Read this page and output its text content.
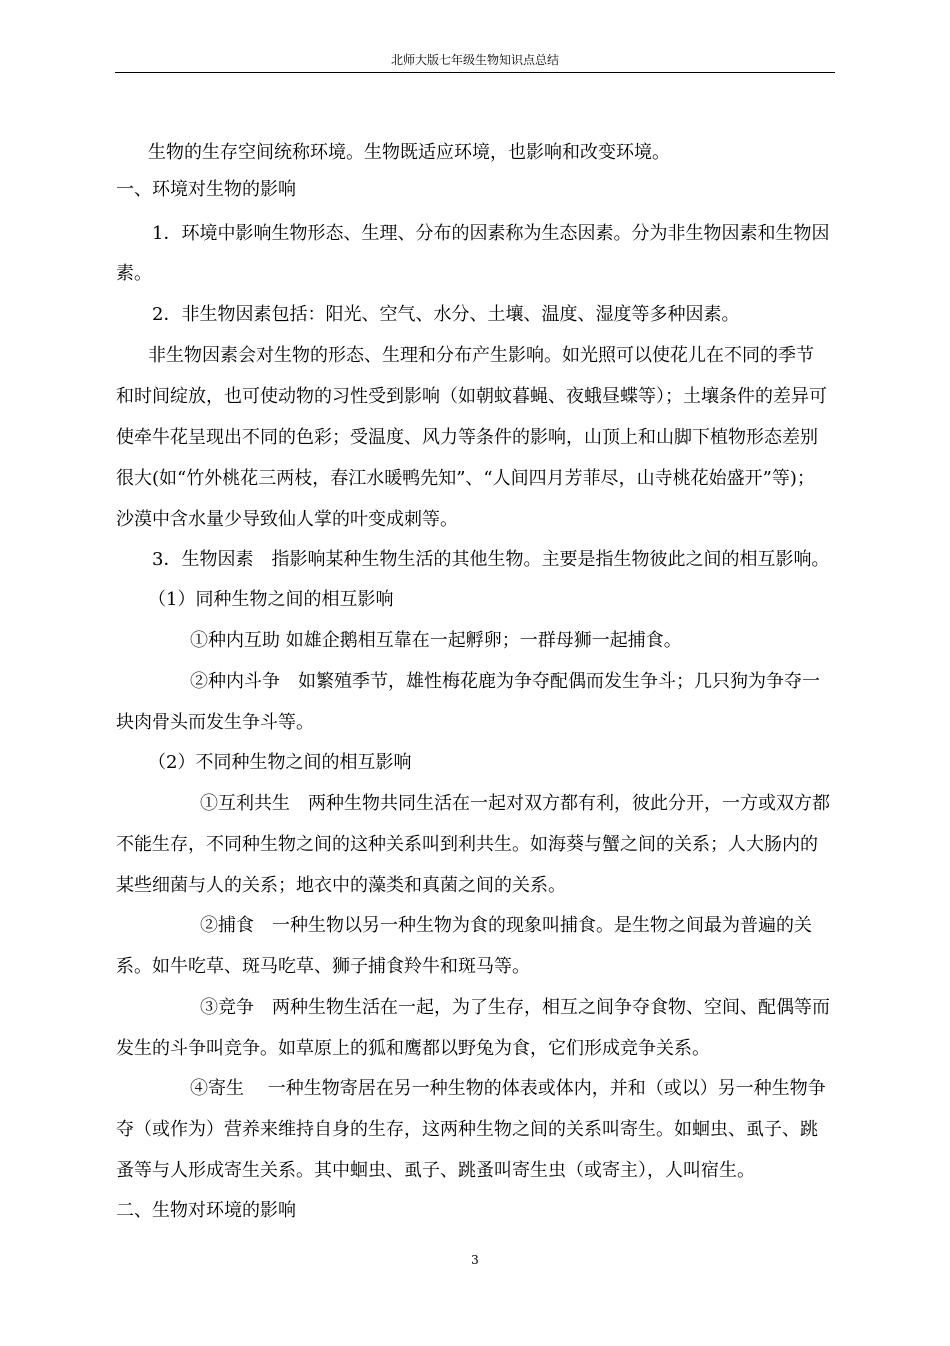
北师大版七年级生物知识点总结
生物的生存空间统称环境。生物既适应环境，也影响和改变环境。
一、环境对生物的影响
1．环境中影响生物形态、生理、分布的因素称为生态因素。分为非生物因素和生物因
素。
2．非生物因素包括：阳光、空气、水分、土壤、温度、湿度等多种因素。
非生物因素会对生物的形态、生理和分布产生影响。如光照可以使花儿在不同的季节
和时间绽放，也可使动物的习性受到影响（如朝蚊暮蝇、夜蛾昼蝶等）；土壤条件的差异可
使牵牛花呈现出不同的色彩；受温度、风力等条件的影响，山顶上和山脚下植物形态差别
很大(如“竹外桃花三两枝，春江水暖鸭先知”、“人间四月芳菲尽，山寺桃花始盛开”等)；
沙漠中含水量少导致仙人掌的叶变成刺等。
3．生物因素　指影响某种生物生活的其他生物。主要是指生物彼此之间的相互影响。
（1）同种生物之间的相互影响
①种内互助 如雄企鹅相互靠在一起孵卵；一群母狮一起捕食。
②种内斗争　如繁殖季节，雄性梅花鹿为争夺配偶而发生争斗；几只狗为争夺一
块肉骨头而发生争斗等。
（2）不同种生物之间的相互影响
①互利共生　两种生物共同生活在一起对双方都有利，彼此分开，一方或双方都
不能生存，不同种生物之间的这种关系叫到利共生。如海葵与蟹之间的关系；人大肠内的
某些细菌与人的关系；地衣中的藻类和真菌之间的关系。
②捕食　一种生物以另一种生物为食的现象叫捕食。是生物之间最为普遍的关
系。如牛吃草、斑马吃草、狮子捕食羚牛和斑马等。
③竞争　两种生物生活在一起，为了生存，相互之间争夺食物、空间、配偶等而
发生的斗争叫竞争。如草原上的狐和鹰都以野兔为食，它们形成竞争关系。
④寄生　 一种生物寄居在另一种生物的体表或体内，并和（或以）另一种生物争
夺（或作为）营养来维持自身的生存，这两种生物之间的关系叫寄生。如蛔虫、虱子、跳
蚤等与人形成寄生关系。其中蛔虫、虱子、跳蚤叫寄生虫（或寄主），人叫宿生。
二、生物对环境的影响
3
